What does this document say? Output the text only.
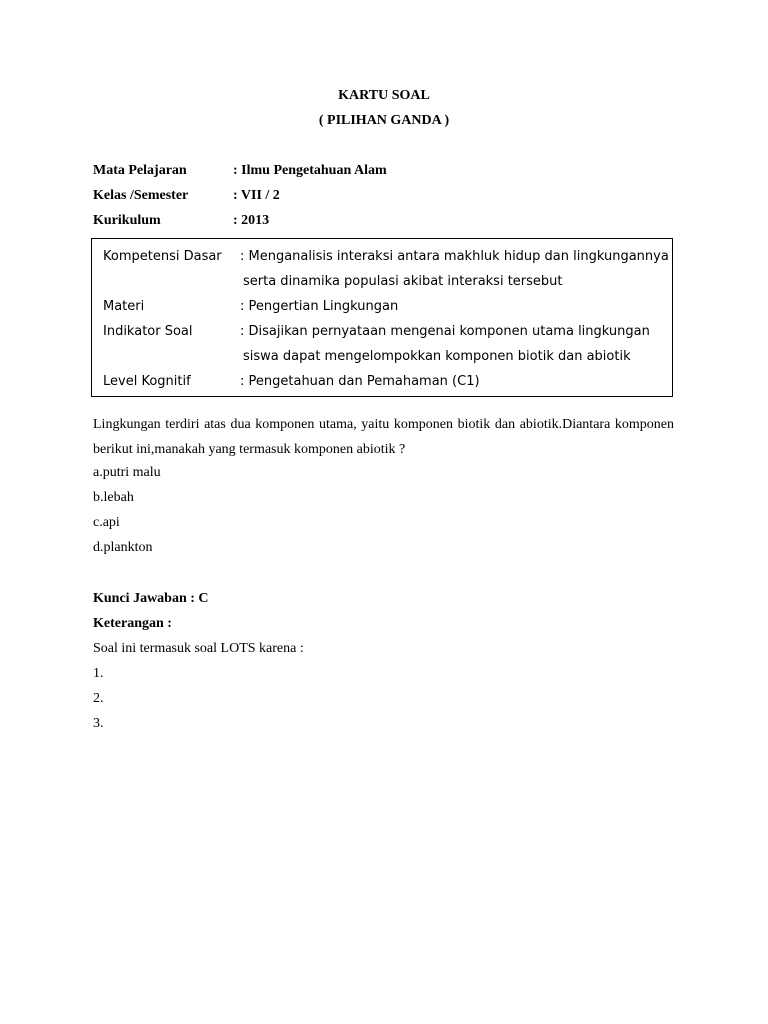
KARTU SOAL
( PILIHAN GANDA )
Mata Pelajaran	: Ilmu Pengetahuan Alam
Kelas /Semester	: VII / 2
Kurikulum	: 2013
Kompetensi Dasar : Menganalisis interaksi antara makhluk hidup dan lingkungannya
serta dinamika populasi akibat interaksi tersebut
Materi	: Pengertian Lingkungan
Indikator Soal	: Disajikan pernyataan mengenai komponen utama lingkungan
siswa dapat mengelompokkan komponen biotik dan abiotik
Level Kognitif	: Pengetahuan dan Pemahaman (C1)
Lingkungan terdiri atas dua komponen utama, yaitu komponen biotik dan abiotik.Diantara komponen berikut ini,manakah yang termasuk komponen abiotik ?
a.putri malu
b.lebah
c.api
d.plankton
Kunci Jawaban : C
Keterangan :
Soal ini termasuk soal LOTS karena :
1.
2.
3.
